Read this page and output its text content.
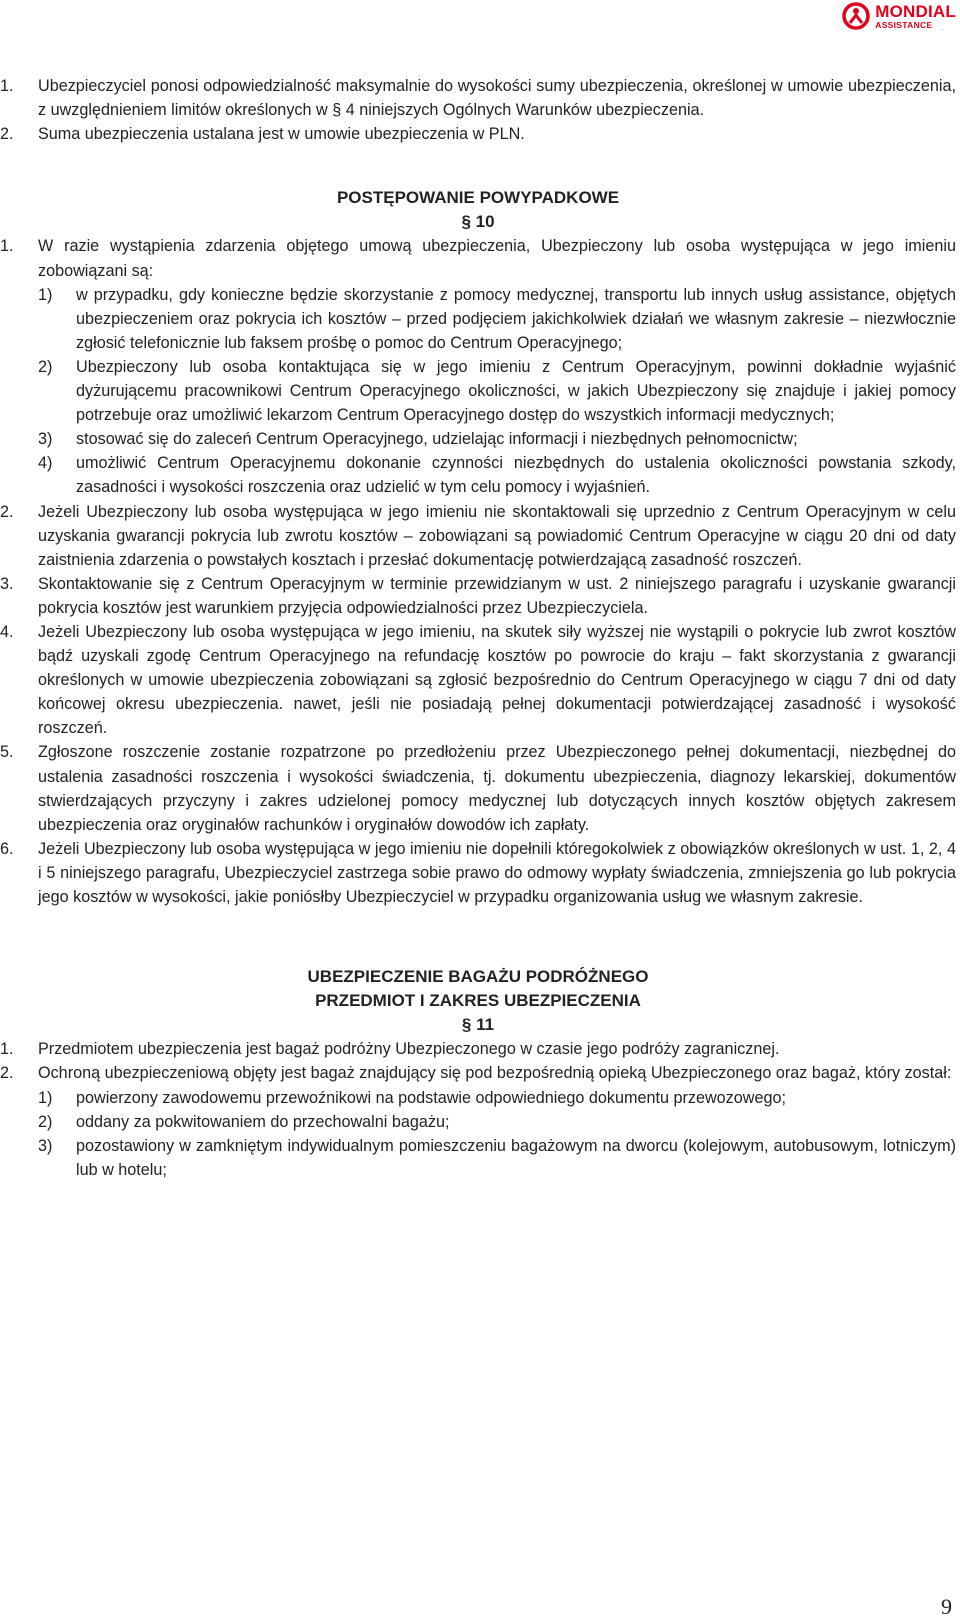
MONDIAL
ASSISTANCE
1.	Ubezpieczyciel ponosi odpowiedzialność maksymalnie do wysokości sumy ubezpieczenia, określonej w umowie ubezpieczenia, z uwzględnieniem limitów określonych w § 4 niniejszych Ogólnych Warunków ubezpieczenia.
2.	Suma ubezpieczenia ustalana jest w umowie ubezpieczenia w PLN.
POSTĘPOWANIE POWYPADKOWE
§ 10
1.	W razie wystąpienia zdarzenia objętego umową ubezpieczenia, Ubezpieczony lub osoba występująca w jego imieniu zobowiązani są:
1)	w przypadku, gdy konieczne będzie skorzystanie z pomocy medycznej, transportu lub innych usług assistance, objętych ubezpieczeniem oraz pokrycia ich kosztów – przed podjęciem jakichkolwiek działań we własnym zakresie – niezwłocznie zgłosić telefonicznie lub faksem prośbę o pomoc do Centrum Operacyjnego;
2)	Ubezpieczony lub osoba kontaktująca się w jego imieniu z Centrum Operacyjnym, powinni dokładnie wyjaśnić dyżurującemu pracownikowi Centrum Operacyjnego okoliczności, w jakich Ubezpieczony się znajduje i jakiej pomocy potrzebuje oraz umożliwić lekarzom Centrum Operacyjnego dostęp do wszystkich informacji medycznych;
3)	stosować się do zaleceń Centrum Operacyjnego, udzielając informacji i niezbędnych pełnomocnictw;
4)	umożliwić Centrum Operacyjnemu dokonanie czynności niezbędnych do ustalenia okoliczności powstania szkody, zasadności i wysokości roszczenia oraz udzielić w tym celu pomocy i wyjaśnień.
2.	Jeżeli Ubezpieczony lub osoba występująca w jego imieniu nie skontaktowali się uprzednio z Centrum Operacyjnym w celu uzyskania gwarancji pokrycia lub zwrotu kosztów – zobowiązani są powiadomić Centrum Operacyjne w ciągu 20 dni od daty zaistnienia zdarzenia o powstałych kosztach i przesłać dokumentację potwierdzającą zasadność roszczeń.
3.	Skontaktowanie się z Centrum Operacyjnym w terminie przewidzianym w ust. 2 niniejszego paragrafu i uzyskanie gwarancji pokrycia kosztów jest warunkiem przyjęcia odpowiedzialności przez Ubezpieczyciela.
4.	Jeżeli Ubezpieczony lub osoba występująca w jego imieniu, na skutek siły wyższej nie wystąpili o pokrycie lub zwrot kosztów bądź uzyskali zgodę Centrum Operacyjnego na refundację kosztów po powrocie do kraju – fakt skorzystania z gwarancji określonych w umowie ubezpieczenia zobowiązani są zgłosić bezpośrednio do Centrum Operacyjnego w ciągu 7 dni od daty końcowej okresu ubezpieczenia. nawet, jeśli nie posiadają pełnej dokumentacji potwierdzającej zasadność i wysokość roszczeń.
5.	Zgłoszone roszczenie zostanie rozpatrzone po przedłożeniu przez Ubezpieczonego pełnej dokumentacji, niezbędnej do ustalenia zasadności roszczenia i wysokości świadczenia, tj. dokumentu ubezpieczenia, diagnozy lekarskiej, dokumentów stwierdzających przyczyny i zakres udzielonej pomocy medycznej lub dotyczących innych kosztów objętych zakresem ubezpieczenia oraz oryginałów rachunków i oryginałów dowodów ich zapłaty.
6.	Jeżeli Ubezpieczony lub osoba występująca w jego imieniu nie dopełnili któregokolwiek z obowiązków określonych w ust. 1, 2, 4 i 5 niniejszego paragrafu, Ubezpieczyciel zastrzega sobie prawo do odmowy wypłaty świadczenia, zmniejszenia go lub pokrycia jego kosztów w wysokości, jakie poniósłby Ubezpieczyciel w przypadku organizowania usług we własnym zakresie.
UBEZPIECZENIE BAGAŻU PODRÓŻNEGO
PRZEDMIOT I ZAKRES UBEZPIECZENIA
§ 11
1.	Przedmiotem ubezpieczenia jest bagaż podróżny Ubezpieczonego w czasie jego podróży zagranicznej.
2.	Ochroną ubezpieczeniową objęty jest bagaż znajdujący się pod bezpośrednią opieką Ubezpieczonego oraz bagaż, który został:
1)	powierzony zawodowemu przewoźnikowi na podstawie odpowiedniego dokumentu przewozowego;
2)	oddany za pokwitowaniem do przechowalni bagażu;
3)	pozostawiony w zamkniętym indywidualnym pomieszczeniu bagażowym na dworcu (kolejowym, autobusowym, lotniczym) lub w hotelu;
9
